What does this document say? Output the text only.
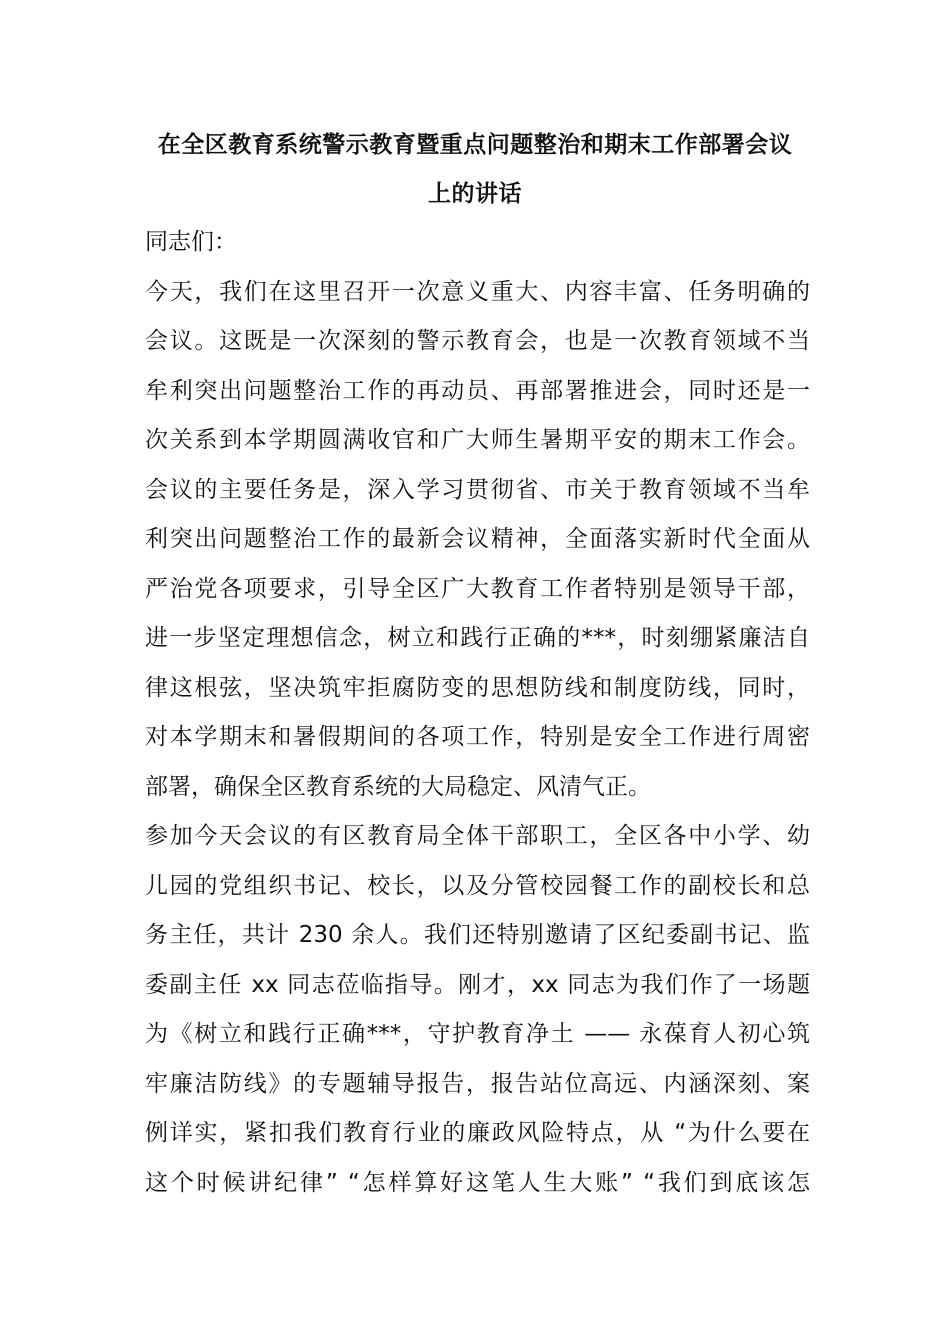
在全区教育系统警示教育暨重点问题整治和期末工作部署会议
上的讲话
同志们：
今天，我们在这里召开一次意义重大、内容丰富、任务明确的
会议。这既是一次深刻的警示教育会，也是一次教育领域不当
牟利突出问题整治工作的再动员、再部署推进会，同时还是一
次关系到本学期圆满收官和广大师生暑期平安的期末工作会。
会议的主要任务是，深入学习贯彻省、市关于教育领域不当牟
利突出问题整治工作的最新会议精神，全面落实新时代全面从
严治党各项要求，引导全区广大教育工作者特别是领导干部，
进一步坚定理想信念，树立和践行正确的***，时刻绷紧廉洁自
律这根弦，坚决筑牢拒腐防变的思想防线和制度防线，同时，
对本学期末和暑假期间的各项工作，特别是安全工作进行周密
部署，确保全区教育系统的大局稳定、风清气正。
参加今天会议的有区教育局全体干部职工，全区各中小学、幼
儿园的党组织书记、校长，以及分管校园餐工作的副校长和总
务主任，共计 230 余人。我们还特别邀请了区纪委副书记、监
委副主任 xx 同志莅临指导。刚才，xx 同志为我们作了一场题
为《树立和践行正确***，守护教育净土 —— 永葆育人初心筑
牢廉洁防线》的专题辅导报告，报告站位高远、内涵深刻、案
例详实，紧扣我们教育行业的廉政风险特点，从 “为什么要在
这个时候讲纪律” “怎样算好这笔人生大账” “我们到底该怎
